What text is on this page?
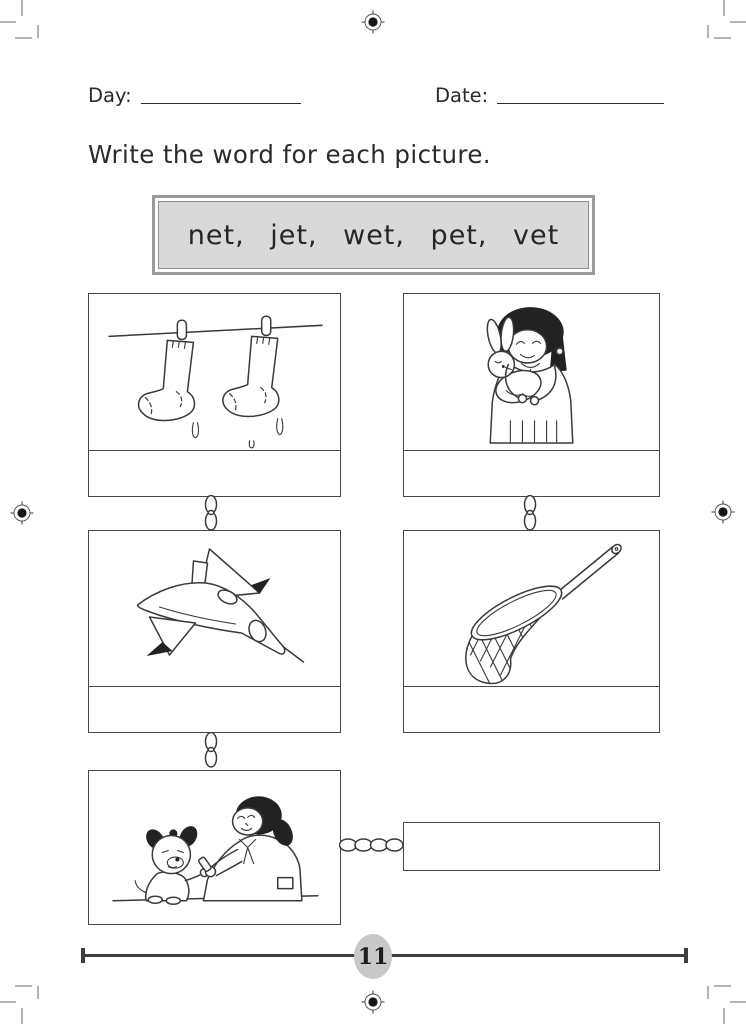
Day:	Date:
Write the word for each picture.
net, jet, wet, pet, vet
11
